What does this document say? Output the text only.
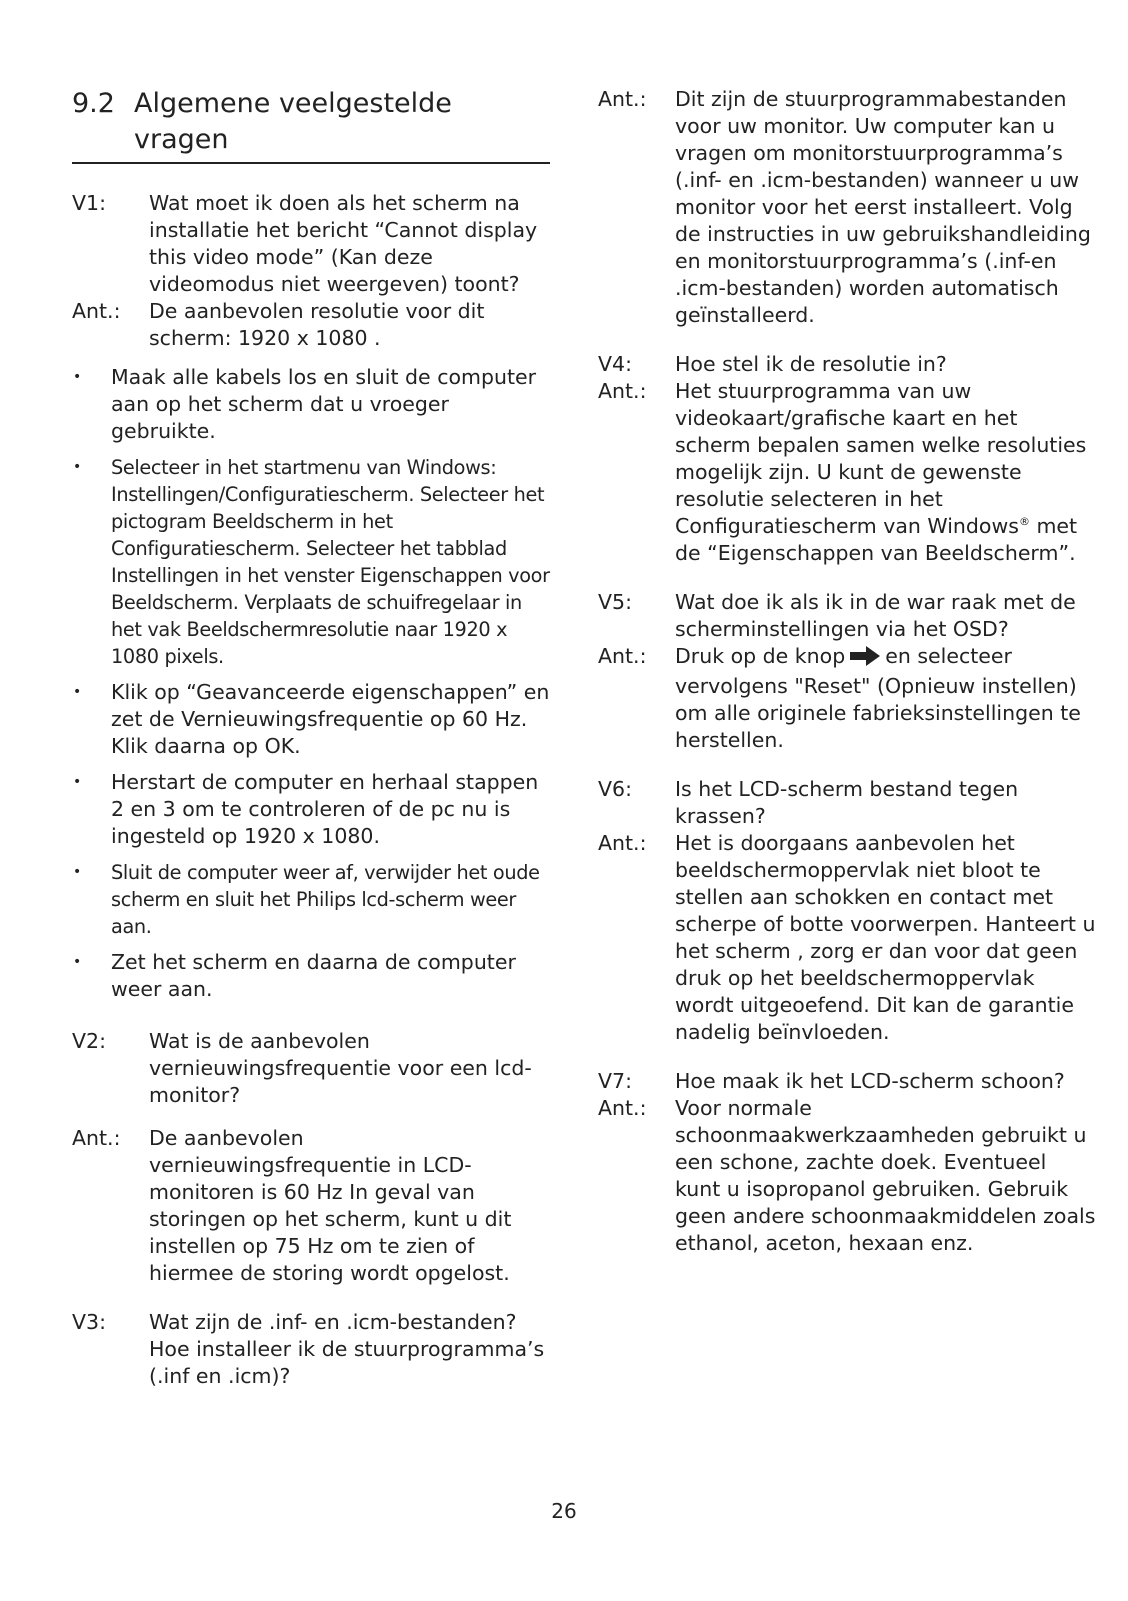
9.2 Algemene veelgestelde vragen
V1:	Wat moet ik doen als het scherm na installatie het bericht “Cannot display this video mode” (Kan deze videomodus niet weergeven) toont?
Ant.:	De aanbevolen resolutie voor dit scherm: 1920 x 1080 .
•	Maak alle kabels los en sluit de computer aan op het scherm dat u vroeger gebruikte.
•	Selecteer in het startmenu van Windows: Instellingen/Configuratiescherm. Selecteer het pictogram Beeldscherm in het Configuratiescherm. Selecteer het tabblad Instellingen in het venster Eigenschappen voor Beeldscherm. Verplaats de schuifregelaar in het vak Beeldschermresolutie naar 1920 x 1080 pixels.
•	Klik op “Geavanceerde eigenschappen” en zet de Vernieuwingsfrequentie op 60 Hz. Klik daarna op OK.
•	Herstart de computer en herhaal stappen 2 en 3 om te controleren of de pc nu is ingesteld op 1920 x 1080.
•	Sluit de computer weer af, verwijder het oude scherm en sluit het Philips lcd-scherm weer aan.
•	Zet het scherm en daarna de computer weer aan.
V2:	Wat is de aanbevolen vernieuwingsfrequentie voor een lcd-monitor?
Ant.:	De aanbevolen vernieuwingsfrequentie in LCD-monitoren is 60 Hz In geval van storingen op het scherm, kunt u dit instellen op 75 Hz om te zien of hiermee de storing wordt opgelost.
V3:	Wat zijn de .inf- en .icm-bestanden? Hoe installeer ik de stuurprogramma’s (.inf en .icm)?
Ant.:	Dit zijn de stuurprogrammabestanden voor uw monitor. Uw computer kan u vragen om monitorstuurprogramma’s (.inf- en .icm-bestanden) wanneer u uw monitor voor het eerst installeert. Volg de instructies in uw gebruikshandleiding en monitorstuurprogramma’s (.inf-en .icm-bestanden) worden automatisch geïnstalleerd.
V4:	Hoe stel ik de resolutie in?
Ant.:	Het stuurprogramma van uw videokaart/grafische kaart en het scherm bepalen samen welke resoluties mogelijk zijn. U kunt de gewenste resolutie selecteren in het Configuratiescherm van Windows® met de “Eigenschappen van Beeldscherm”.
V5:	Wat doe ik als ik in de war raak met de scherminstellingen via het OSD?
Ant.:	Druk op de knop en selecteer vervolgens "Reset" (Opnieuw instellen) om alle originele fabrieksinstellingen te herstellen.
V6:	Is het LCD-scherm bestand tegen krassen?
Ant.:	Het is doorgaans aanbevolen het beeldschermoppervlak niet bloot te stellen aan schokken en contact met scherpe of botte voorwerpen. Hanteert u het scherm , zorg er dan voor dat geen druk op het beeldschermoppervlak wordt uitgeoefend. Dit kan de garantie nadelig beïnvloeden.
V7:	Hoe maak ik het LCD-scherm schoon?
Ant.:	Voor normale schoonmaakwerkzaamheden gebruikt u een schone, zachte doek. Eventueel kunt u isopropanol gebruiken. Gebruik geen andere schoonmaakmiddelen zoals ethanol, aceton, hexaan enz.
26
